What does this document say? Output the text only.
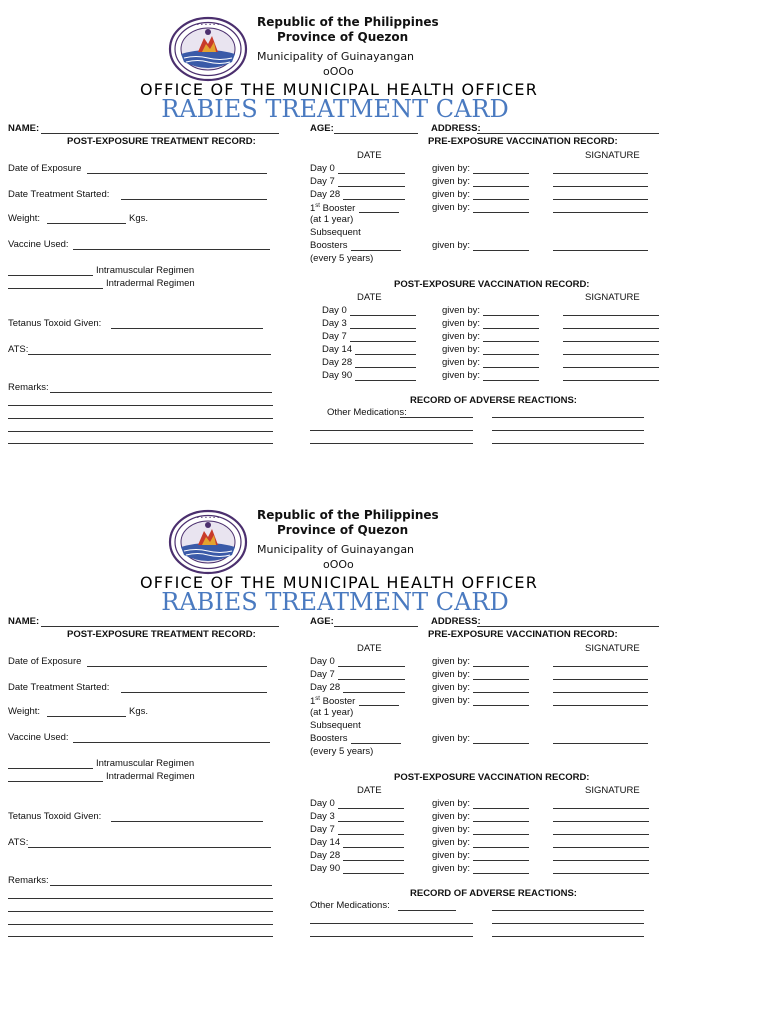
• • • • • •	Republic of the Philippines
Province of Quezon
Municipality of Guinayangan
oOOo
OFFICE OF THE MUNICIPAL HEALTH OFFICER
RABIES TREATMENT CARD
NAME:	AGE:	ADDRESS:
POST-EXPOSURE TREATMENT RECORD:
Date of Exposure
Date Treatment Started:
Weight:	Kgs.
Vaccine Used:
Intramuscular Regimen
Intradermal Regimen
Tetanus Toxoid Given:
ATS:
Remarks:
PRE-EXPOSURE VACCINATION RECORD:
DATE	SIGNATURE
Day 0	given by:
Day 7	given by:
Day 28	given by:
1st Booster	given by:
(at 1 year)
Subsequent
Boosters	given by:
(every 5 years)
POST-EXPOSURE VACCINATION RECORD:
DATE	SIGNATURE
Day 0	given by:
Day 3	given by:
Day 7	given by:
Day 14	given by:
Day 28	given by:
Day 90	given by:
RECORD OF ADVERSE REACTIONS:
Other Medications:
• • • • • •	Republic of the Philippines
Province of Quezon
Municipality of Guinayangan
oOOo
OFFICE OF THE MUNICIPAL HEALTH OFFICER
RABIES TREATMENT CARD
NAME:	AGE:	ADDRESS:
POST-EXPOSURE TREATMENT RECORD:
Date of Exposure
Date Treatment Started:
Weight:	Kgs.
Vaccine Used:
Intramuscular Regimen
Intradermal Regimen
Tetanus Toxoid Given:
ATS:
Remarks:
PRE-EXPOSURE VACCINATION RECORD:
DATE	SIGNATURE
Day 0	given by:
Day 7	given by:
Day 28	given by:
1st Booster	given by:
(at 1 year)
Subsequent
Boosters	given by:
(every 5 years)
POST-EXPOSURE VACCINATION RECORD:
DATE	SIGNATURE
Day 0	given by:
Day 3	given by:
Day 7	given by:
Day 14	given by:
Day 28	given by:
Day 90	given by:
RECORD OF ADVERSE REACTIONS:
Other Medications:
